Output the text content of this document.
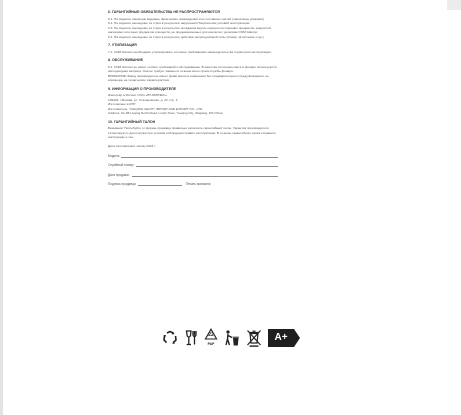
6. ГАРАНТИЙНЫЕ ОБЯЗАТЕЛЬСТВА НЕ РАСПРОСТРАНЯЮТСЯ

6.1. На изделия, имеющие видимые физические повреждения и их составных частей (чернилицы упаковки).

6.2. На изделия, вышедшие из строя в результате нарушения Покупателем условий эксплуатации.

6.3. На изделия, вышедшие из строя в результате попадания внутрь корпуса посторонних предметов, жидкостей,

насекомых или иных предметов и веществ, не предназначенных для контакта с деталями CNM Glanzer.

6.4. На изделия, вышедшие из строя в результате действия непреодолимой силы (пожар, затопление и др.).

7. УТИЛИЗАЦИЯ

7.1. CNM Glanzer необходимо утилизировать согласно требованиям законодательства территории эксплуатации.

8. ОБСЛУЖИВАНИЕ

8.1. CNM Glanzer не имеет особых требований к обслуживанию. В качестве источника света в фонаре используются

светодиодная матрица. Она не требует замены в течение всего срока службы фонаря.

ВНИМАНИЕ! Завод производитель имеет право вносить изменения без предварительного предупреждения, не

влияющие на технические характеристики.

9. ИНФОРМАЦИЯ О ПРОИЗВОДИТЕЛЕ

Импортёр в России: ООО «ВТ-ИМПЭКС»

109428, г.Москва, ул. Стахановская, д. 22, стр. 2

Изготовлено в КНР

Изготовитель: YUEQING GECHY IMPORT AND EXPORT CO., LTD.

Address: No.88 Liuqing North Road, Liushi Town, Yueqing City, Zhejiang, P.R.China

10. ГАРАНТИЙНЫЙ ТАЛОН

Внимание! Потребуйте от фирмы-продавца правильно заполнить гарантийный талон. Гарантия производителя

12 месяцев со дня покупки при условии соблюдения правил эксплуатации. В течение гарантийного срока сохраните

инструкцию и чек.

Дата изготовления: месяц 2023 г.

Модель
Серийный номер:
Дата продажи:
Подпись продавца	Печать магазина
22
PAP
A+
